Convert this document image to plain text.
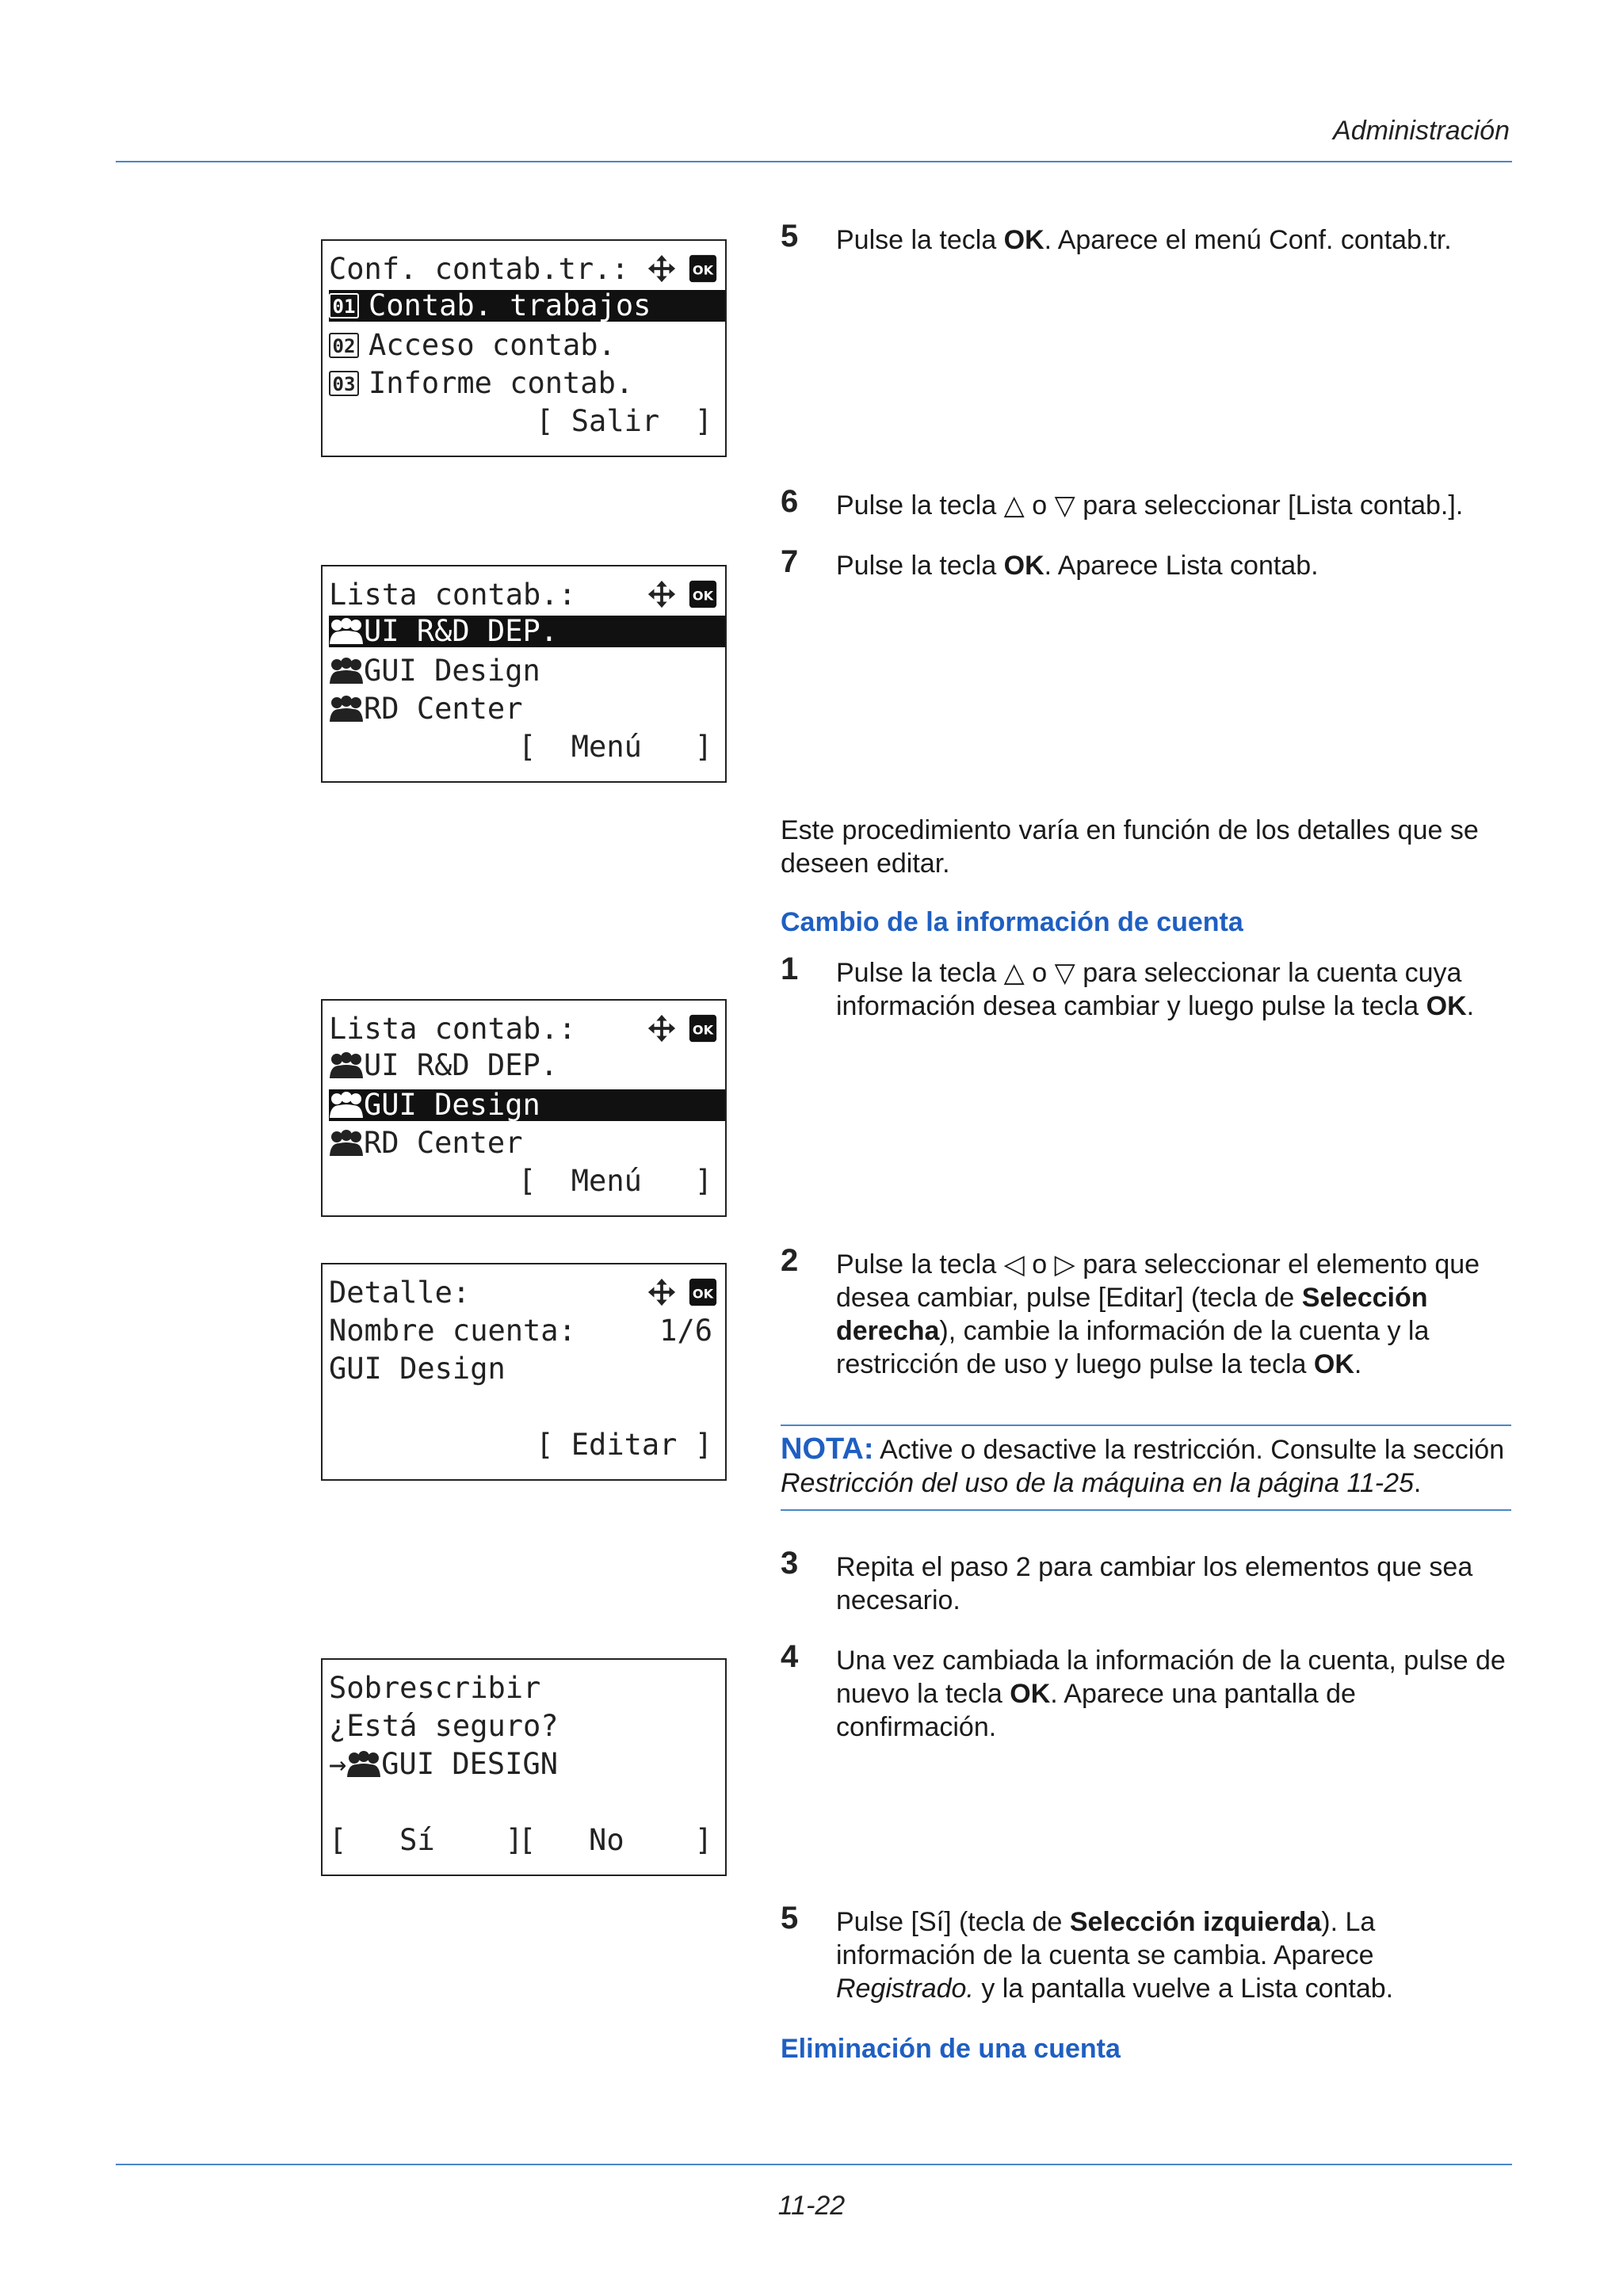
Administración
Conf. contab.tr.:
01 Contab. trabajos
02 Acceso contab.
03 Informe contab.
[ Salir  ]
Lista contab.:
UI R&D DEP.
GUI Design
RD Center
[  Menú   ]
Lista contab.:
UI R&D DEP.
GUI Design
RD Center
[  Menú   ]
Detalle:
Nombre cuenta:	1/6
GUI Design
[ Editar ]
Sobrescribir
¿Está seguro?
→ GUI DESIGN
[   Sí    ]
[   No    ]
5 Pulse la tecla OK. Aparece el menú Conf. contab.tr.
6 Pulse la tecla △ o ▽ para seleccionar [Lista contab.].
7 Pulse la tecla OK. Aparece Lista contab.
Este procedimiento varía en función de los detalles que se deseen editar.
Cambio de la información de cuenta
1 Pulse la tecla △ o ▽ para seleccionar la cuenta cuya información desea cambiar y luego pulse la tecla OK.
2 Pulse la tecla ◁ o ▷ para seleccionar el elemento que desea cambiar, pulse [Editar] (tecla de Selección derecha), cambie la información de la cuenta y la restricción de uso y luego pulse la tecla OK.
NOTA: Active o desactive la restricción. Consulte la sección Restricción del uso de la máquina en la página 11-25.
3 Repita el paso 2 para cambiar los elementos que sea necesario.
4 Una vez cambiada la información de la cuenta, pulse de nuevo la tecla OK. Aparece una pantalla de confirmación.
5 Pulse [Sí] (tecla de Selección izquierda). La información de la cuenta se cambia. Aparece Registrado. y la pantalla vuelve a Lista contab.
Eliminación de una cuenta
11-22
